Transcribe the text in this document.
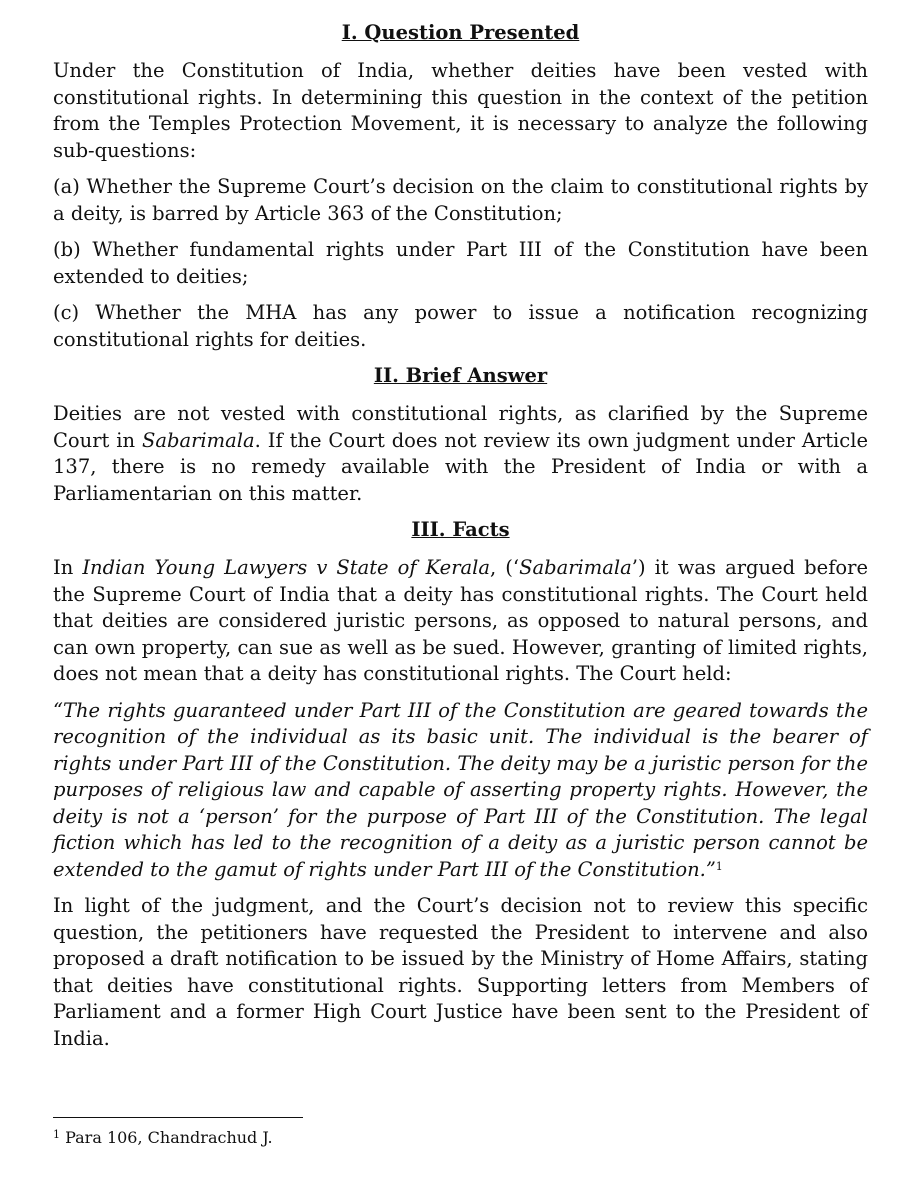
I. Question Presented
Under the Constitution of India, whether deities have been vested with constitutional rights. In determining this question in the context of the petition from the Temples Protection Movement, it is necessary to analyze the following sub-questions:
(a) Whether the Supreme Court’s decision on the claim to constitutional rights by a deity, is barred by Article 363 of the Constitution;
(b) Whether fundamental rights under Part III of the Constitution have been extended to deities;
(c) Whether the MHA has any power to issue a notification recognizing constitutional rights for deities.
II. Brief Answer
Deities are not vested with constitutional rights, as clarified by the Supreme Court in Sabarimala. If the Court does not review its own judgment under Article 137, there is no remedy available with the President of India or with a Parliamentarian on this matter.
III. Facts
In Indian Young Lawyers v State of Kerala, (‘Sabarimala’) it was argued before the Supreme Court of India that a deity has constitutional rights. The Court held that deities are considered juristic persons, as opposed to natural persons, and can own property, can sue as well as be sued. However, granting of limited rights, does not mean that a deity has constitutional rights. The Court held:
“The rights guaranteed under Part III of the Constitution are geared towards the recognition of the individual as its basic unit. The individual is the bearer of rights under Part III of the Constitution. The deity may be a juristic person for the purposes of religious law and capable of asserting property rights. However, the deity is not a ‘person’ for the purpose of Part III of the Constitution. The legal fiction which has led to the recognition of a deity as a juristic person cannot be extended to the gamut of rights under Part III of the Constitution.”$^1$
In light of the judgment, and the Court’s decision not to review this specific question, the petitioners have requested the President to intervene and also proposed a draft notification to be issued by the Ministry of Home Affairs, stating that deities have constitutional rights. Supporting letters from Members of Parliament and a former High Court Justice have been sent to the President of India.
$^1$ Para 106, Chandrachud J.
